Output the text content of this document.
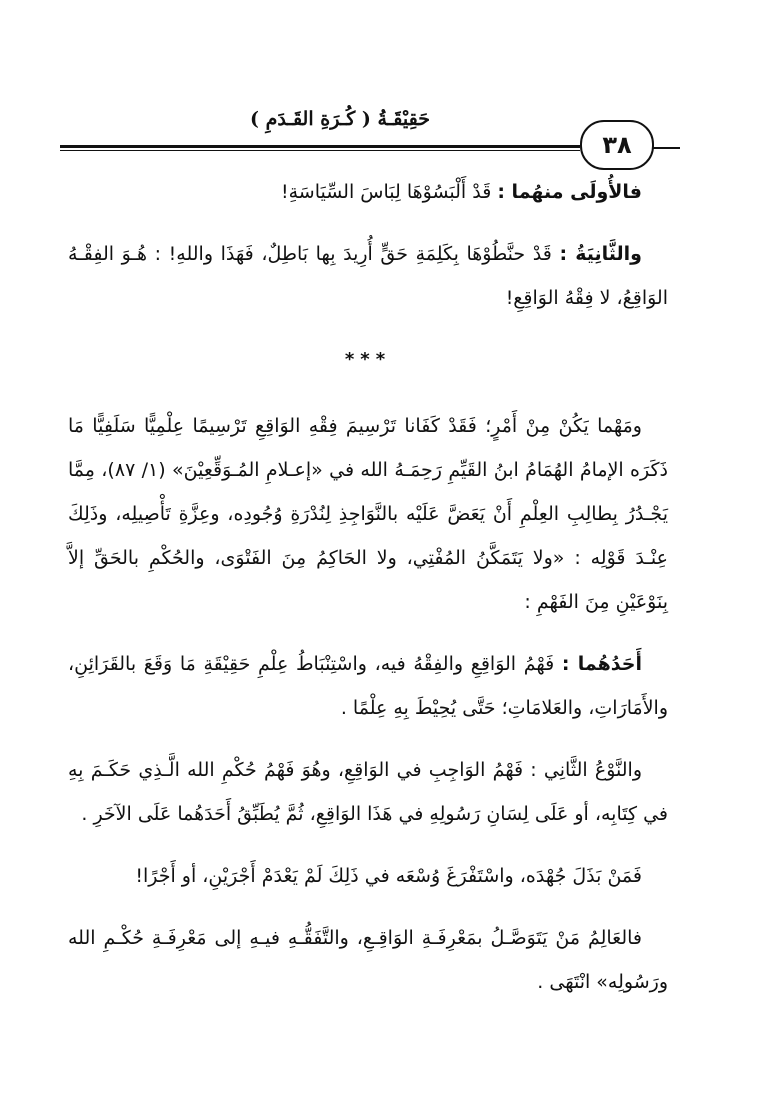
حَقِيْقَـةُ ( كُـرَةِ القَـدَمِ )
٣٨

فالأُولَى منهُما : قَدْ أَلْبَسُوْهَا لِبَاسَ السِّيَاسَةِ!

والثَّانِيَةُ : قَدْ حنَّطُوْهَا بِكَلِمَةِ حَقٍّ أُرِيدَ بِها بَاطِلٌ، فَهَذَا واللهِ! : هُـوَ الفِقْـهُ الوَاقِعُ، لا فِقْهُ الوَاقِعِ!

***

ومَهْما يَكُنْ مِنْ أَمْرٍ؛ فَقَدْ كَفَانا تَرْسِيمَ فِقْهِ الوَاقِعِ تَرْسِيمًا عِلْمِيًّا سَلَفِيًّا مَا ذَكَرَه الإمامُ الهُمَامُ ابنُ القَيِّمِ رَحِمَـهُ الله في «إعـلامِ المُـوَقِّعِيْنَ» (١/ ٨٧)، مِمَّا يَجْـدُرُ بِطالِبِ العِلْمِ أَنْ يَعَضَّ عَلَيْه بالنَّوَاجِذِ لِنُدْرَةِ وُجُودِه، وعِزَّةِ تَأْصِيلِه، وذَلِكَ عِنْـدَ قَوْلِه : «ولا يَتَمَكَّنُ المُفْتِي، ولا الحَاكِمُ مِنَ الفَتْوَى، والحُكْمِ بالحَقِّ إلاَّ بِنَوْعَيْنِ مِنَ الفَهْمِ :

أَحَدُهُما : فَهْمُ الوَاقِعِ والفِقْهُ فيه، واسْتِنْبَاطُ عِلْمِ حَقِيْقَةِ مَا وَقَعَ بالقَرَائِنِ، والأَمَارَاتِ، والعَلامَاتِ؛ حَتَّى يُحِيْطَ بِهِ عِلْمًا .

والنَّوْعُ الثَّانِي : فَهْمُ الوَاجِبِ في الوَاقِعِ، وهُوَ فَهْمُ حُكْمِ الله الَّـذِي حَكَـمَ بِهِ في كِتَابِه، أو عَلَى لِسَانِ رَسُولِهِ في هَذَا الوَاقِعِ، ثُمَّ يُطَبِّقُ أَحَدَهُما عَلَى الآخَرِ .

فَمَنْ بَذَلَ جُهْدَه، واسْتَفْرَغَ وُسْعَه في ذَلِكَ لَمْ يَعْدَمْ أَجْرَيْنِ، أو أَجْرًا!

فالعَالِمُ مَنْ يَتَوَصَّـلُ بمَعْرِفَـةِ الوَاقِـعِ، والتَّفَقُّـهِ فيـهِ إلى مَعْرِفَـةِ حُكْـمِ الله ورَسُولِه» انْتَهَى .
